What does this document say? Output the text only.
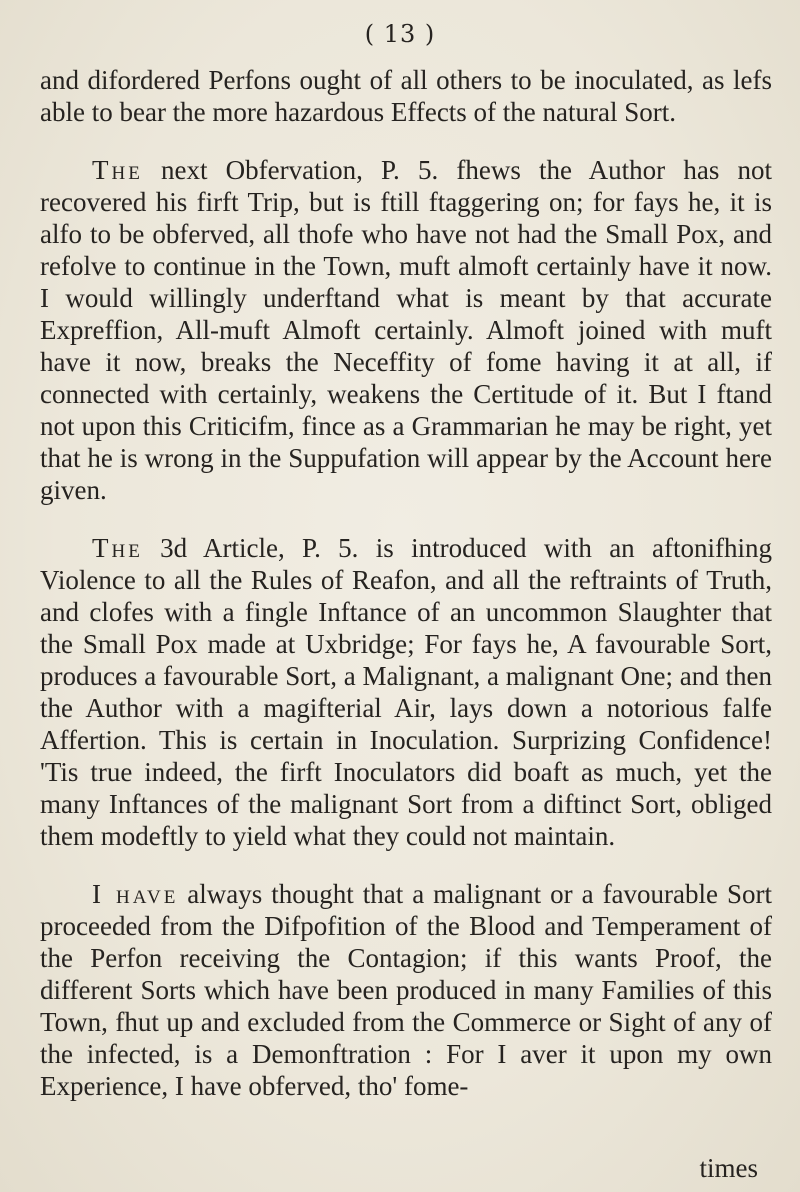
( 13 )

and difordered Perfons ought of all others to be inoculated, as lefs able to bear the more hazardous Effects of the natural Sort.

The next Obfervation, P. 5. fhews the Author has not recovered his firft Trip, but is ftill ftaggering on; for fays he, it is alfo to be obferved, all thofe who have not had the Small Pox, and refolve to continue in the Town, muft almoft certainly have it now. I would willingly underftand what is meant by that accurate Expreffion, All-muft Almoft certainly. Almoft joined with muft have it now, breaks the Neceffity of fome having it at all, if connected with certainly, weakens the Certitude of it. But I ftand not upon this Criticifm, fince as a Grammarian he may be right, yet that he is wrong in the Suppufation will appear by the Account here given.

The 3d Article, P. 5. is introduced with an aftonifhing Violence to all the Rules of Reafon, and all the reftraints of Truth, and clofes with a fingle Inftance of an uncommon Slaughter that the Small Pox made at Uxbridge; For fays he, A favourable Sort, produces a favourable Sort, a Malignant, a malignant One; and then the Author with a magifterial Air, lays down a notorious falfe Affertion. This is certain in Inoculation. Surprizing Confidence! 'Tis true indeed, the firft Inoculators did boaft as much, yet the many Inftances of the malignant Sort from a diftinct Sort, obliged them modeftly to yield what they could not maintain.

I have always thought that a malignant or a favourable Sort proceeded from the Difpofition of the Blood and Temperament of the Perfon receiving the Contagion; if this wants Proof, the different Sorts which have been produced in many Families of this Town, fhut up and excluded from the Commerce or Sight of any of the infected, is a Demonftration : For I aver it upon my own Experience, I have obferved, tho' fome-

times
